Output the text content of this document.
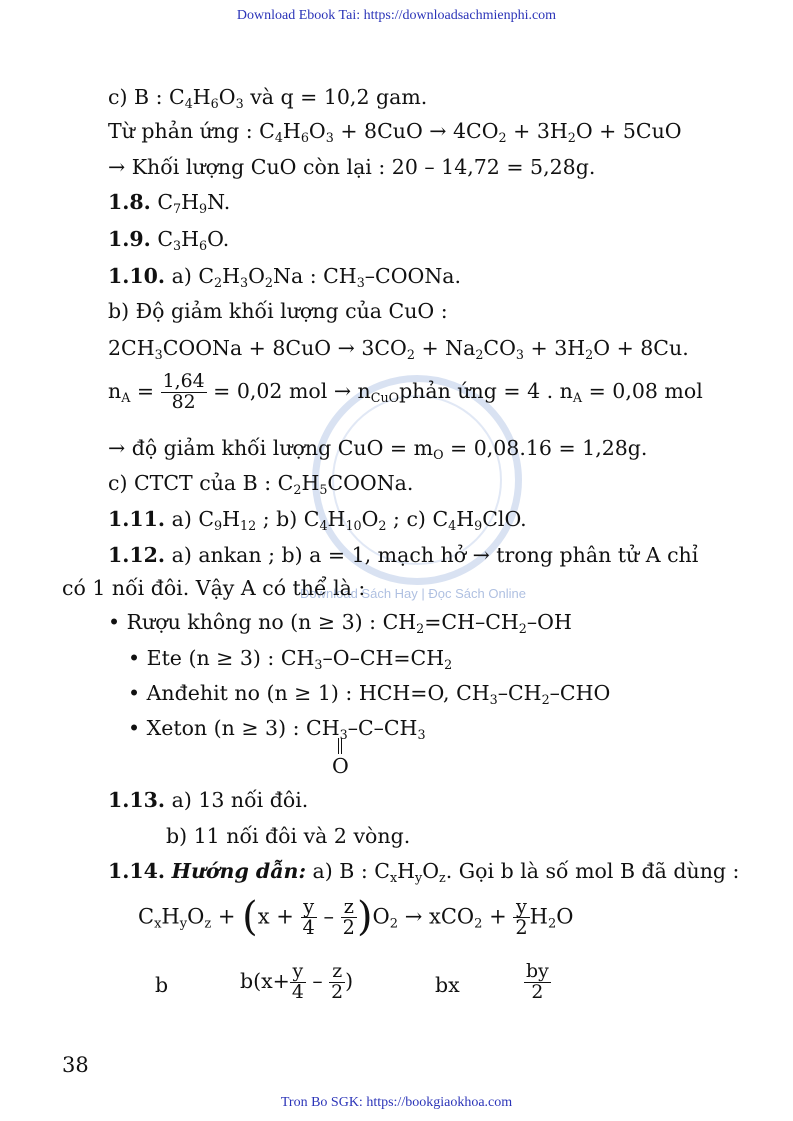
Download Ebook Tai: https://downloadsachmienphi.com
Download Sách Hay | Đọc Sách Online
c) B : $C_4H_6O_3$ và q = 10,2 gam.
Từ phản ứng : $C_4H_6O_3 + 8CuO \to 4CO_2 + 3H_2O + 5CuO$
→ Khối lượng CuO còn lại : 20 – 14,72 = 5,28g.
1.8. $C_7H_9N$.
1.9. $C_3H_6O$.
1.10. a) $C_2H_3O_2Na$ : $CH_3$–COONa.
b) Độ giảm khối lượng của CuO :
$2CH_3COONa + 8CuO \to 3CO_2 + Na_2CO_3 + 3H_2O + 8Cu$.
$n_A = \frac{1,64}{82} = 0,02$ mol → $n_{CuO}phản$ ứng = 4 . $n_A = 0,08$ mol
→ độ giảm khối lượng CuO = $m_O = 0,08.16 = 1,28g$.
c) CTCT của B : $C_2H_5COONa$.
1.11. a) $C_9H_{12}$ ; b) $C_4H_{10}O_2$ ; c) $C_4H_9ClO$.
1.12. a) ankan ; b) a = 1, mạch hở → trong phân tử A chỉ
có 1 nối đôi. Vậy A có thể là :
• Rượu không no (n ≥ 3) : $CH_2=CH-CH_2-OH$
• Ete (n ≥ 3) : $CH_3-O-CH=CH_2$
• Anđehit no (n ≥ 1) : HCH=O, $CH_3-CH_2$–CHO
• Xeton (n ≥ 3) : $CH_3-C-CH_3$
O
1.13. a) 13 nối đôi.
b) 11 nối đôi và 2 vòng.
1.14. Hướng dẫn: a) B : $C_xH_yO_z$. Gọi b là số mol B đã dùng :
$C_xH_yO_z + (x + \frac{y}{4} - \frac{z}{2} )O_2 \to xCO_2 + \frac{y}{2} H_2O$
b	$b(x+ \frac{y}{4} - \frac{z}{2}$ )	bx	$\frac{by}{2}$
38
Tron Bo SGK: https://bookgiaokhoa.com
